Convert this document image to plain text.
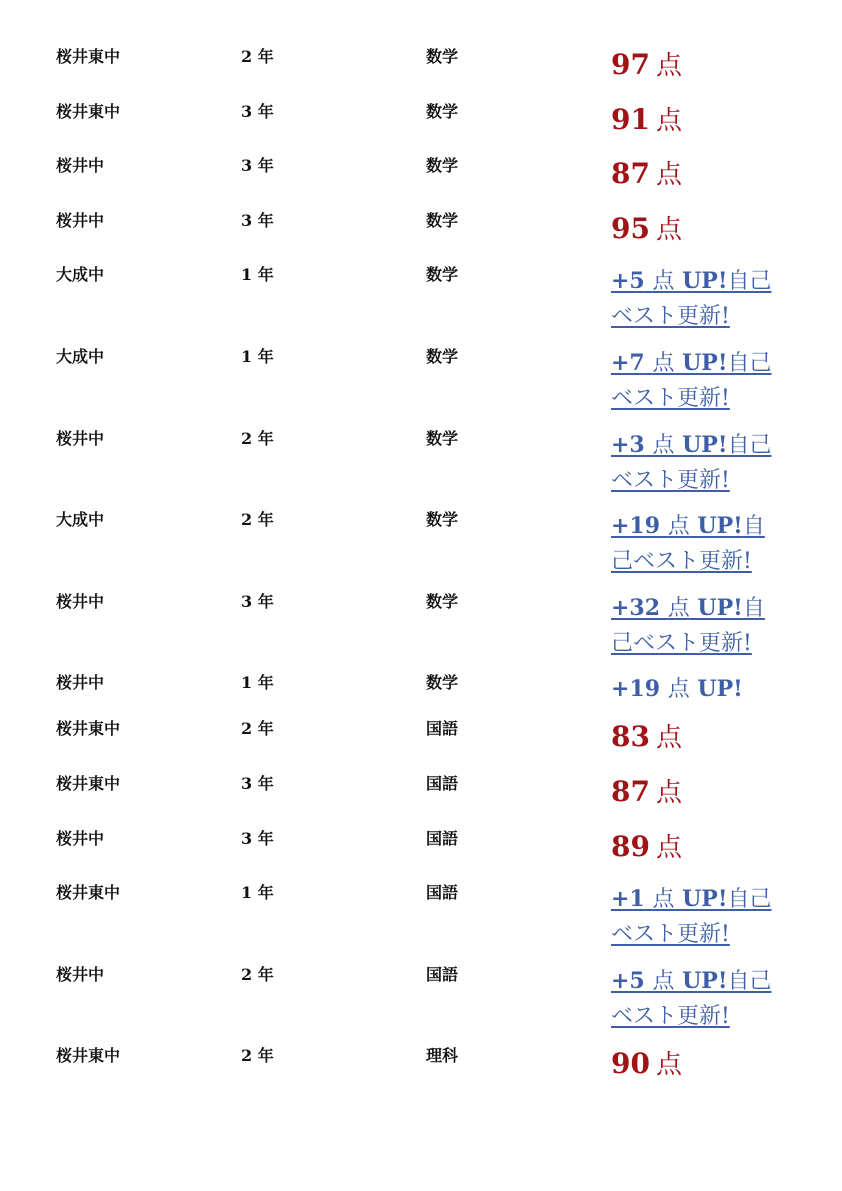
桜井東中	2 年	数学	97 点
桜井東中	3 年	数学	91 点
桜井中	3 年	数学	87 点
桜井中	3 年	数学	95 点
大成中	1 年	数学	+5 点 UP!自己ベスト更新!
大成中	1 年	数学	+7 点 UP!自己ベスト更新!
桜井中	2 年	数学	+3 点 UP!自己ベスト更新!
大成中	2 年	数学	+19 点 UP!自己ベスト更新!
桜井中	3 年	数学	+32 点 UP!自己ベスト更新!
桜井中	1 年	数学	+19 点 UP!
桜井東中	2 年	国語	83 点
桜井東中	3 年	国語	87 点
桜井中	3 年	国語	89 点
桜井東中	1 年	国語	+1 点 UP!自己ベスト更新!
桜井中	2 年	国語	+5 点 UP!自己ベスト更新!
桜井東中	2 年	理科	90 点
